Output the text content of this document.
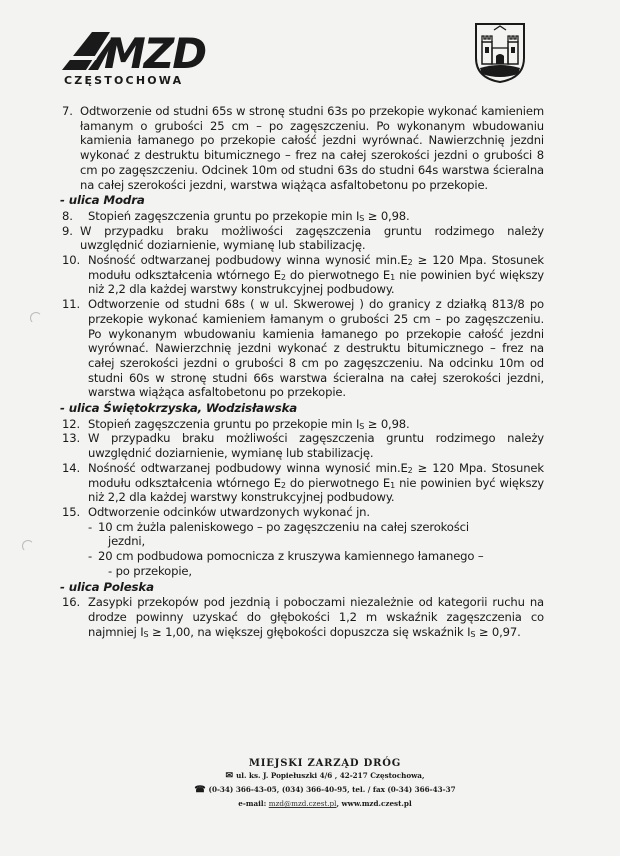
MZD
CZĘSTOCHOWA
7. Odtworzenie od studni 65s w stronę studni 63s po przekopie wykonać kamieniem łamanym o grubości 25 cm – po zagęszczeniu. Po wykonanym wbudowaniu kamienia łamanego po przekopie całość jezdni wyrównać. Nawierzchnię jezdni wykonać z destruktu bitumicznego – frez na całej szerokości jezdni o grubości 8 cm po zagęszczeniu. Odcinek 10m od studni 63s do studni 64s warstwa ścieralna na całej szerokości jezdni, warstwa wiążąca asfaltobetonu po przekopie.
- ulica Modra
8.	Stopień zagęszczenia gruntu po przekopie $\min I_S \ge 0,98$.
9. W przypadku braku możliwości zagęszczenia gruntu rodzimego należy uwzględnić doziarnienie, wymianę lub stabilizację.
10. Nośność odtwarzanej podbudowy winna wynosić $\min.E_2 \ge 120$ Mpa. Stosunek modułu odkształcenia wtórnego $E_2$ do pierwotnego $E_1$ nie powinien być większy niż 2,2 dla każdej warstwy konstrukcyjnej podbudowy.
11. Odtworzenie od studni 68s ( w ul. Skwerowej ) do granicy z działką 813/8 po przekopie wykonać kamieniem łamanym o grubości 25 cm – po zagęszczeniu. Po wykonanym wbudowaniu kamienia łamanego po przekopie całość jezdni wyrównać. Nawierzchnię jezdni wykonać z destruktu bitumicznego – frez na całej szerokości jezdni o grubości 8 cm po zagęszczeniu. Na odcinku 10m od studni 60s w stronę studni 66s warstwa ścieralna na całej szerokości jezdni, warstwa wiążąca asfaltobetonu po przekopie.
- ulica Świętokrzyska, Wodzisławska
12. Stopień zagęszczenia gruntu po przekopie $\min I_S \ge 0,98$.
13. W przypadku braku możliwości zagęszczenia gruntu rodzimego należy uwzględnić doziarnienie, wymianę lub stabilizację.
14. Nośność odtwarzanej podbudowy winna wynosić $\min.E_2 \ge 120$ Mpa. Stosunek modułu odkształcenia wtórnego $E_2$ do pierwotnego $E_1$ nie powinien być większy niż 2,2 dla każdej warstwy konstrukcyjnej podbudowy.
15. Odtworzenie odcinków utwardzonych wykonać jn.
- 10 cm żużla paleniskowego – po zagęszczeniu na całej szerokości
jezdni,
- 20 cm podbudowa pomocnicza z kruszywa kamiennego łamanego –
- po przekopie,
- ulica Poleska
16. Zasypki przekopów pod jezdnią i poboczami niezależnie od kategorii ruchu na drodze powinny uzyskać do głębokości 1,2 m wskaźnik zagęszczenia co najmniej $I_S \ge 1,00$, na większej głębokości dopuszcza się wskaźnik $I_S \ge 0,97$.
MIEJSKI ZARZĄD DRÓG
✉ ul. ks. J. Popiełuszki 4/6 , 42-217 Częstochowa,
☎ (0-34) 366-43-05, (034) 366-40-95, tel. / fax (0-34) 366-43-37
e-mail: mzd@mzd.czest.pl, www.mzd.czest.pl
